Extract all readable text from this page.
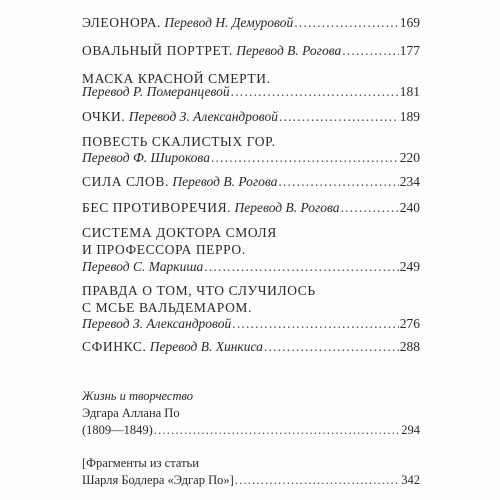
ЭЛЕОНОРА.
Перевод Н. Демуровой .....	169
ОВАЛЬНЫЙ ПОРТРЕТ.
Перевод В. Рогова .....	177
МАСКА КРАСНОЙ СМЕРТИ.
Перевод Р. Померанцевой .....	181
ОЧКИ.
Перевод З. Александровой .....	189
ПОВЕСТЬ СКАЛИСТЫХ ГОР.
Перевод Ф. Широкова .....	220
СИЛА СЛОВ.
Перевод В. Рогова .....	234
БЕС ПРОТИВОРЕЧИЯ.
Перевод В. Рогова .....	240
СИСТЕМА ДОКТОРА СМОЛЯ
И ПРОФЕССОРА ПЕРРО.
Перевод С. Маркиша .....	249
ПРАВДА О ТОМ, ЧТО СЛУЧИЛОСЬ
С МСЬЕ ВАЛЬДЕМАРОМ.
Перевод З. Александровой .....	276
СФИНКС.
Перевод В. Хинкиса .....	288
Жизнь и творчество
Эдгара Аллана По
(1809—1849) .....	294
[Фрагменты из статьи
Шарля Бодлера «Эдгар По»] .....	342
